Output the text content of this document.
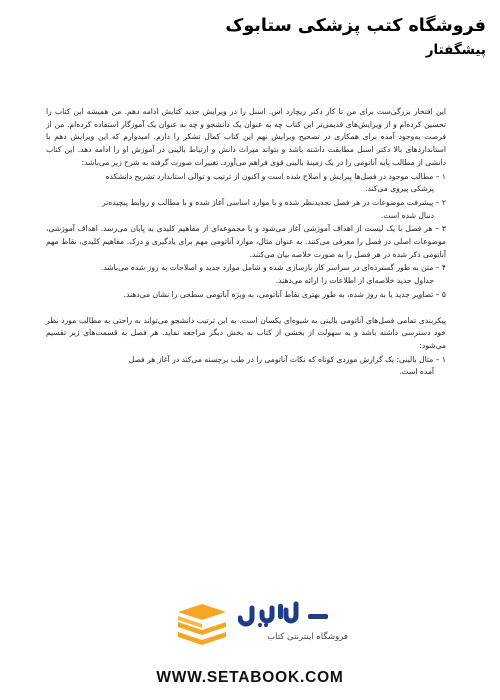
فروشگاه کتب پزشکی ستابوک
پیشگفتار

این افتخار بزرگی‌ست برای من تا کار دکتر ریچارد اس. اسنل را در ویرایش جدید کتابش ادامه دهم. من همیشه این کتاب را تحسین کرده‌ام و از ویرایش‌های قدیمی‌تر این کتاب چه به عنوان یک دانشجو و چه به عنوان یک آموزگار استفاده کرده‌ام. من از فرصت به‌وجود آمده برای همکاری در تصحیح ویرایش نهم این کتاب کمال تشکر را دارم. امیدوارم که این ویرایش دهم با استانداردهای بالا دکتر اسنل مطابقت داشته باشد و بتواند میراث دانش و ارتباط بالینی در آموزش او را ادامه دهد. این کتاب دانشی از مطالب پایه آناتومی را در یک زمینهٔ بالینی قوی فراهم می‌آورد. تغییرات صورت گرفته به شرح زیر می‌باشد:

۱ – مطالب موجود در فصل‌ها پیرایش و اصلاح شده است و اکنون از ترتیب و توالی استاندارد تشریح دانشکده
پزشکی پیروی می‌کند.
۲ – پیشرفت موضوعات در هر فصل تجدیدنظر شده و با موارد اساسی آغاز شده و با مطالب و روابط پیچیده‌تر
دنبال شده است.
۳ – هر فصل با یک لیست از اهداف آموزشی آغاز می‌شود و با مجموعه‌ای از مفاهیم کلیدی به پایان می‌رسد. اهداف آموزشی، موضوعات اصلی در فصل را معرفی می‌کنند. به عنوان مثال، موارد آناتومی مهم برای یادگیری و درک. مفاهیم کلیدی، نقاط مهم آناتومی ذکر شده در هر فصل را به صورت خلاصه بیان می‌کنند.
۴ – متن به طور گسترده‌ای در سراسر کار بازسازی شده و شامل موارد جدید و اصلاحات به روز شده می‌باشد.
جداول جدید خلاصه‌ای از اطلاعات را ارائه می‌دهند.
۵ – تصاویر جدید یا به روز شده، به طور بهتری نقاط آناتومی، به ویژه آناتومی سطحی را نشان می‌دهند.

پیکربندی تمامی فصل‌های آناتومی بالینی به شیوه‌ای یکسان است. به این ترتیب دانشجو می‌تواند به راحتی به مطالب مورد نظر خود دسترسی داشته باشد و به سهولت از بخشی از کتاب به بخش دیگر مراجعه نماید. هر فصل به قسمت‌های زیر تقسیم می‌شود:

۱ – مثال بالینی: یک گزارش موردی کوتاه که نکات آناتومی را در طب برجسته می‌کند در آغاز هر فصل
آمده است.
فروشگاه اینترنتی کتاب
WWW.SETABOOK.COM
